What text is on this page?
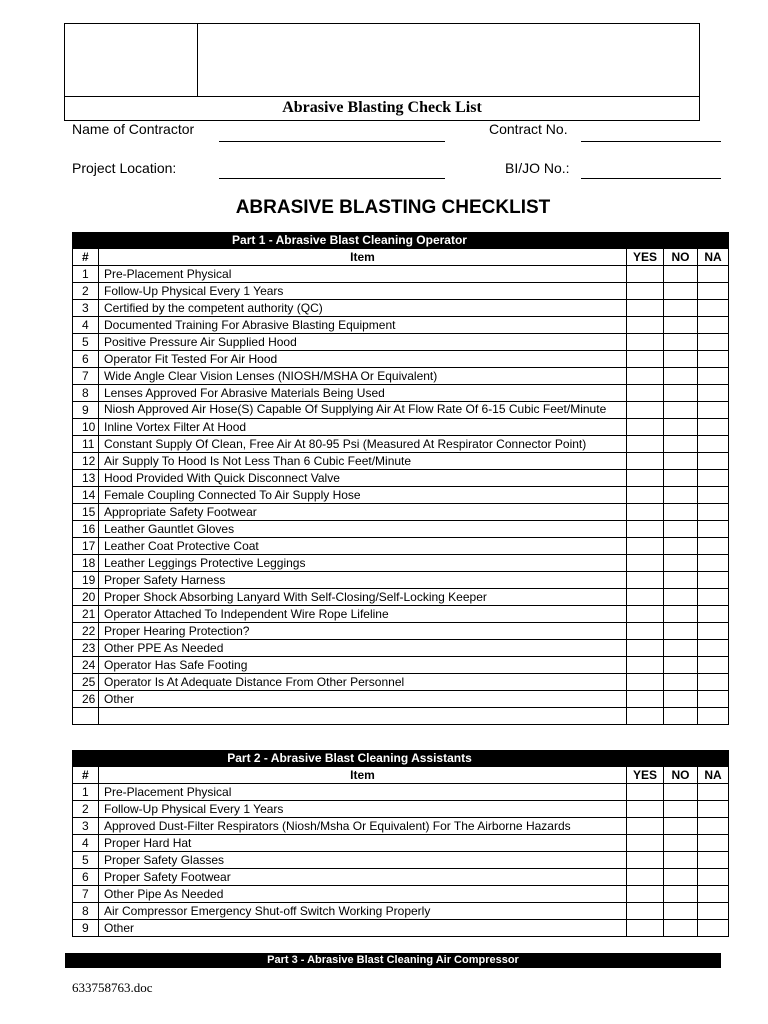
Abrasive Blasting Check List
Name of Contractor	Contract No.
Project Location:	BI/JO No.:
ABRASIVE BLASTING CHECKLIST
Part 1 - Abrasive Blast Cleaning Operator				
#	Item	YES	NO	NA
1	Pre-Placement Physical			
2	Follow-Up Physical Every 1 Years			
3	Certified by the competent authority (QC)			
4	Documented Training For Abrasive Blasting Equipment			
5	Positive Pressure Air Supplied Hood			
6	Operator Fit Tested For Air Hood			
7	Wide Angle Clear Vision Lenses (NIOSH/MSHA Or Equivalent)			
8	Lenses Approved For Abrasive Materials Being Used			
9	Niosh Approved Air Hose(S) Capable Of Supplying Air At Flow Rate Of 6-15 Cubic Feet/Minute			
10	Inline Vortex Filter At Hood			
11	Constant Supply Of Clean, Free Air At 80-95 Psi (Measured At Respirator Connector Point)			
12	Air Supply To Hood Is Not Less Than 6 Cubic Feet/Minute			
13	Hood Provided With Quick Disconnect Valve			
14	Female Coupling Connected To Air Supply Hose			
15	Appropriate Safety Footwear			
16	Leather Gauntlet Gloves			
17	Leather Coat Protective Coat			
18	Leather Leggings Protective Leggings			
19	Proper Safety Harness			
20	Proper Shock Absorbing Lanyard With Self-Closing/Self-Locking Keeper			
21	Operator Attached To Independent Wire Rope Lifeline			
22	Proper Hearing Protection?			
23	Other PPE As Needed			
24	Operator Has Safe Footing			
25	Operator Is At Adequate Distance From Other Personnel			
26	Other			

Part 2 - Abrasive Blast Cleaning Assistants				
#	Item	YES	NO	NA
1	Pre-Placement Physical			
2	Follow-Up Physical Every 1 Years			
3	Approved Dust-Filter Respirators (Niosh/Msha Or Equivalent) For The Airborne Hazards			
4	Proper Hard Hat			
5	Proper Safety Glasses			
6	Proper Safety Footwear			
7	Other Pipe As Needed			
8	Air Compressor Emergency Shut-off Switch Working Properly			
9	Other			
Part 3 - Abrasive Blast Cleaning Air Compressor
633758763.doc
